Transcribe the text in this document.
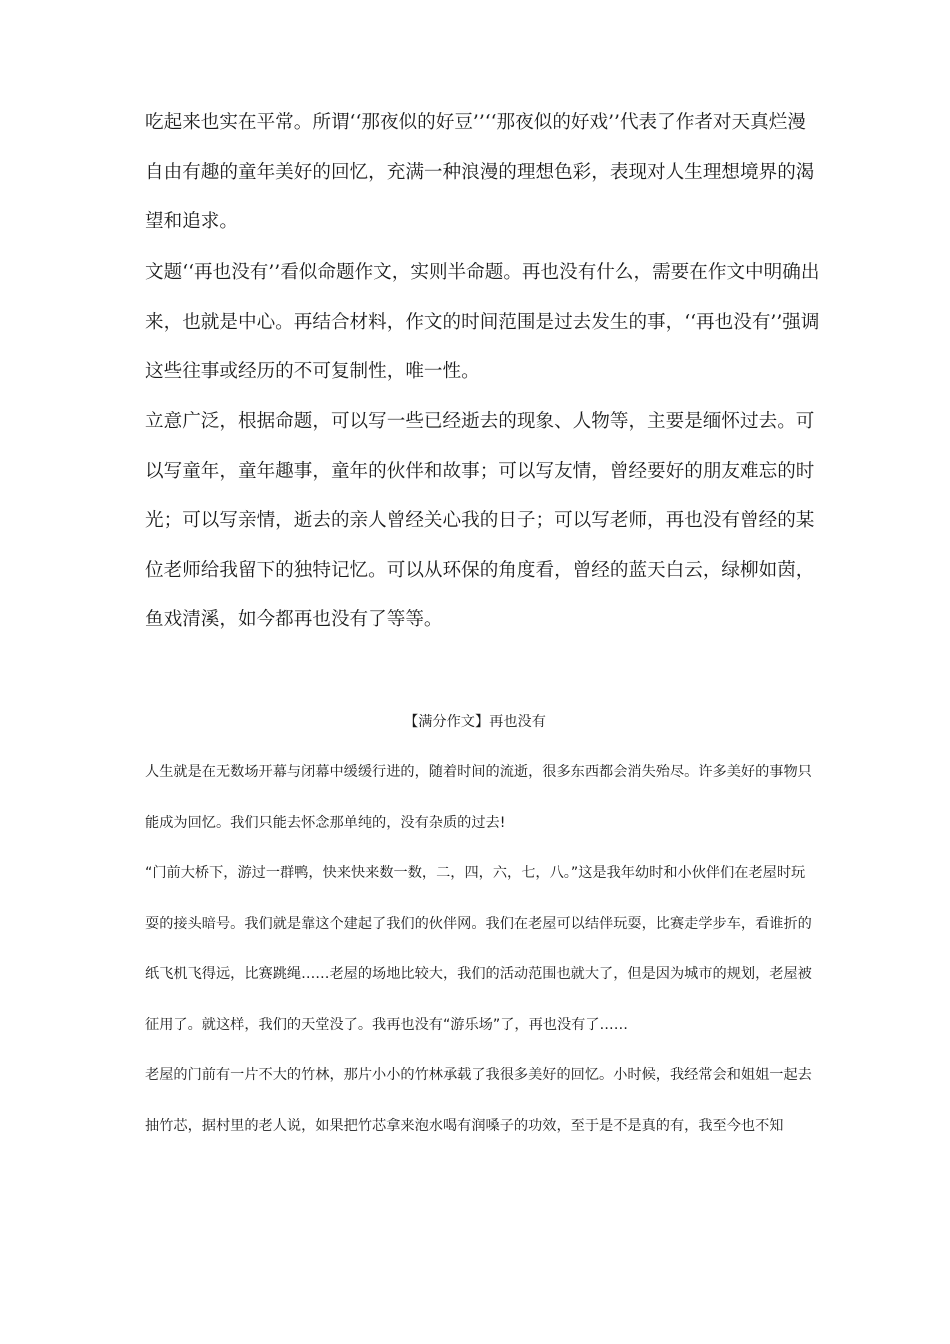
吃起来也实在平常。所谓‘‘那夜似的好豆’’‘‘那夜似的好戏’’代表了作者对天真烂漫自由有趣的童年美好的回忆，充满一种浪漫的理想色彩，表现对人生理想境界的渴望和追求。

文题‘‘再也没有’’看似命题作文，实则半命题。再也没有什么，需要在作文中明确出来，也就是中心。再结合材料，作文的时间范围是过去发生的事，‘‘再也没有’’强调这些往事或经历的不可复制性，唯一性。

立意广泛，根据命题，可以写一些已经逝去的现象、人物等，主要是缅怀过去。可以写童年，童年趣事，童年的伙伴和故事；可以写友情，曾经要好的朋友难忘的时光；可以写亲情，逝去的亲人曾经关心我的日子；可以写老师，再也没有曾经的某位老师给我留下的独特记忆。可以从环保的角度看，曾经的蓝天白云，绿柳如茵，鱼戏清溪，如今都再也没有了等等。

【满分作文】再也没有

人生就是在无数场开幕与闭幕中缓缓行进的，随着时间的流逝，很多东西都会消失殆尽。许多美好的事物只能成为回忆。我们只能去怀念那单纯的，没有杂质的过去!

“门前大桥下，游过一群鸭，快来快来数一数，二，四，六，七，八。”这是我年幼时和小伙伴们在老屋时玩耍的接头暗号。我们就是靠这个建起了我们的伙伴网。我们在老屋可以结伴玩耍，比赛走学步车，看谁折的纸飞机飞得远，比赛跳绳……老屋的场地比较大，我们的活动范围也就大了，但是因为城市的规划，老屋被征用了。就这样，我们的天堂没了。我再也没有“游乐场”了，再也没有了……

老屋的门前有一片不大的竹林，那片小小的竹林承载了我很多美好的回忆。小时候，我经常会和姐姐一起去抽竹芯，据村里的老人说，如果把竹芯拿来泡水喝有润嗓子的功效，至于是不是真的有，我至今也不知
